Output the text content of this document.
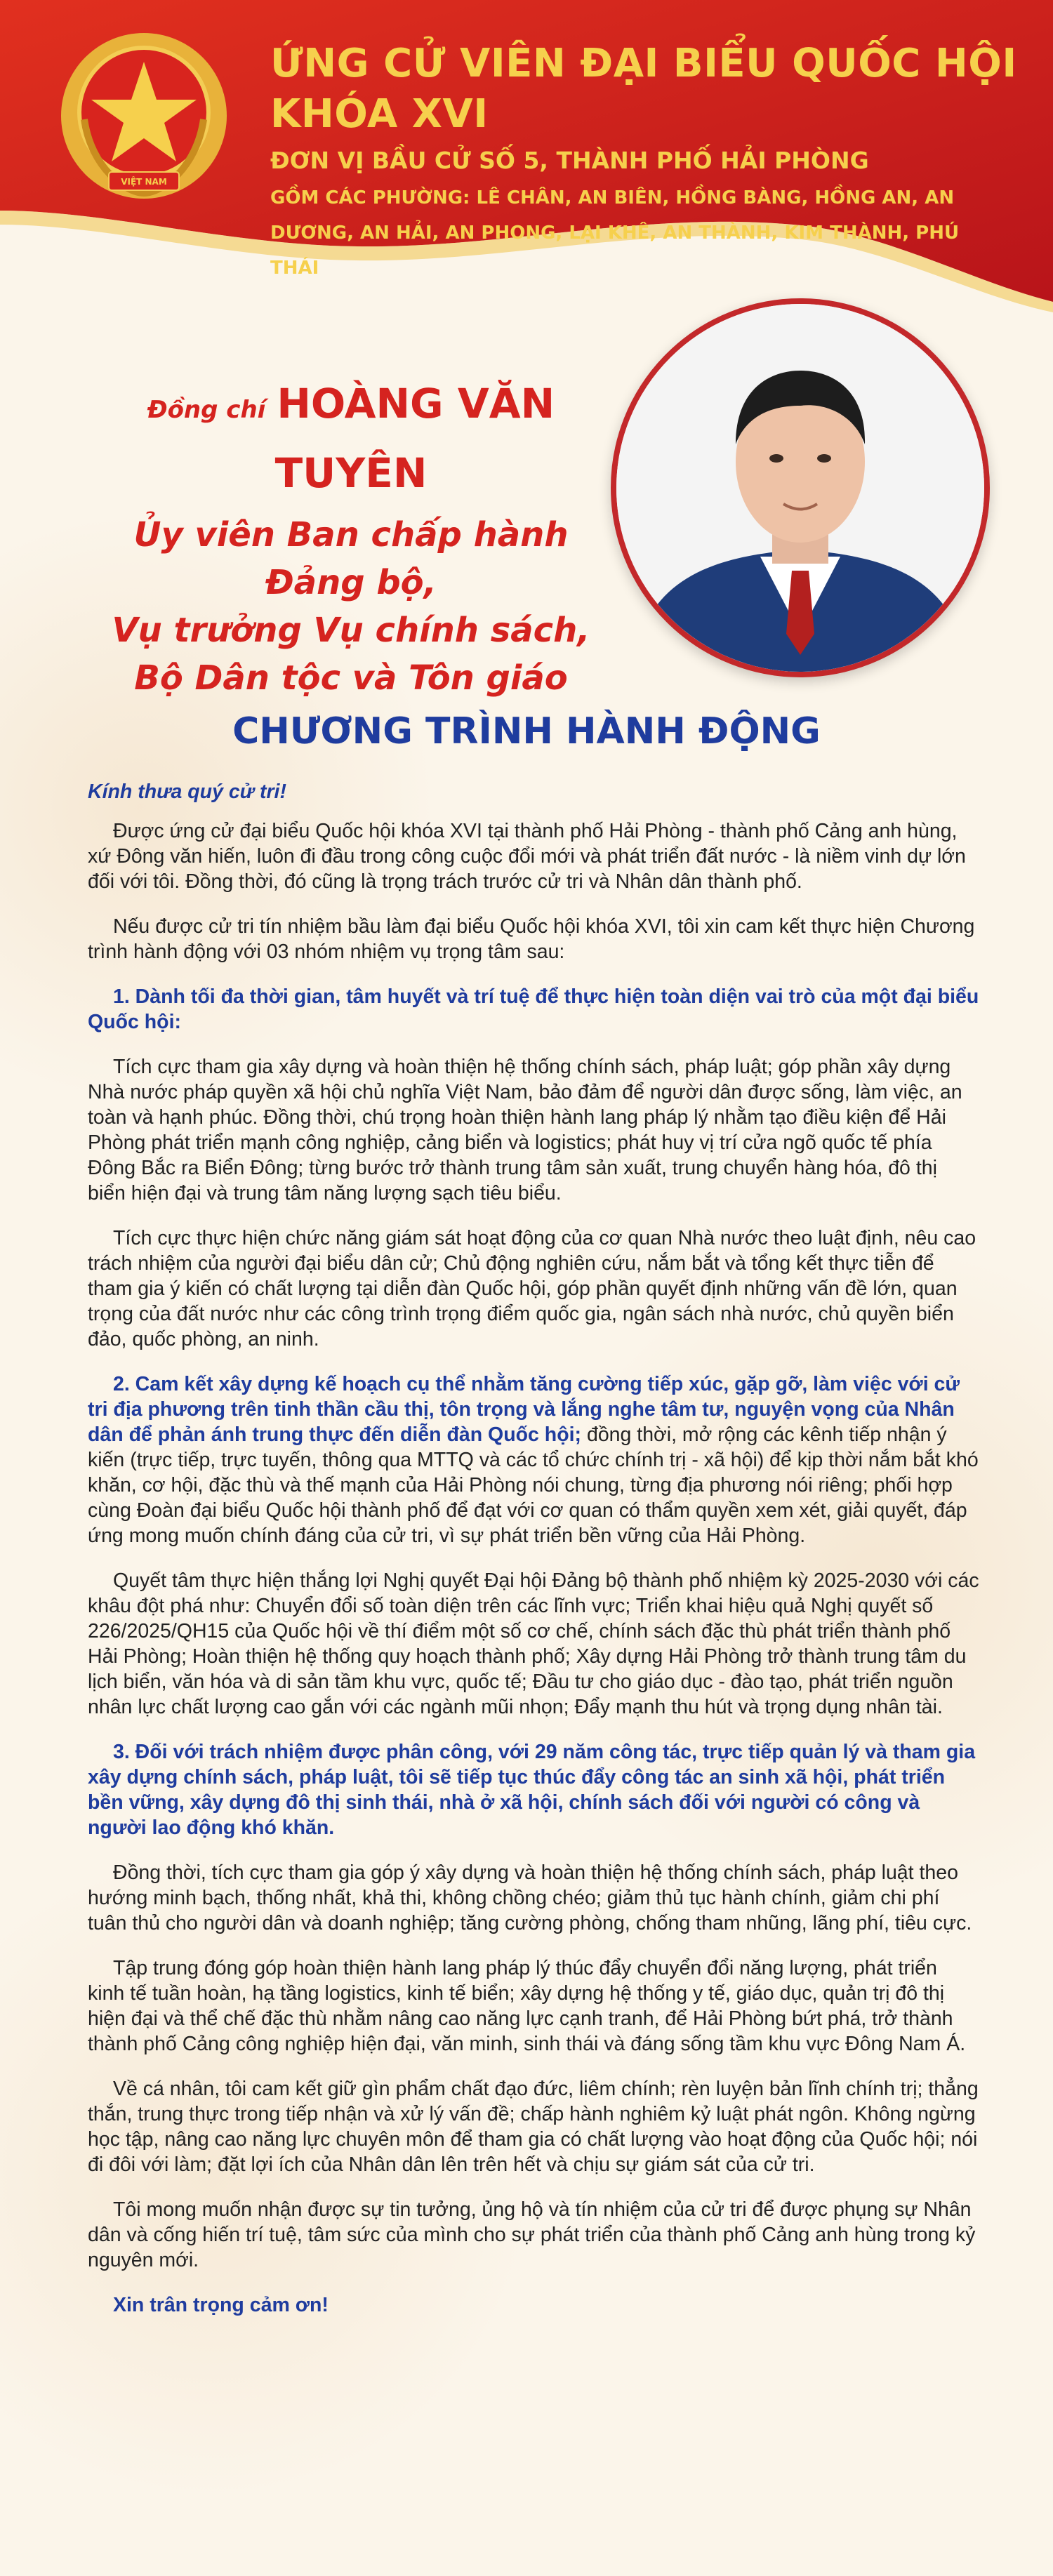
VIỆT NAM
ỨNG CỬ VIÊN ĐẠI BIỂU QUỐC HỘI KHÓA XVI
ĐƠN VỊ BẦU CỬ SỐ 5, THÀNH PHỐ HẢI PHÒNG
GỒM CÁC PHƯỜNG: LÊ CHÂN, AN BIÊN, HỒNG BÀNG, HỒNG AN, AN DƯƠNG, AN HẢI, AN PHONG, LẠI KHÊ, AN THÀNH, KIM THÀNH, PHÚ THÁI
Đồng chí HOÀNG VĂN TUYÊN
Ủy viên Ban chấp hành Đảng bộ,
Vụ trưởng Vụ chính sách,
Bộ Dân tộc và Tôn giáo
CHƯƠNG TRÌNH HÀNH ĐỘNG

Kính thưa quý cử tri!

Được ứng cử đại biểu Quốc hội khóa XVI tại thành phố Hải Phòng - thành phố Cảng anh hùng, xứ Đông văn hiến, luôn đi đầu trong công cuộc đổi mới và phát triển đất nước - là niềm vinh dự lớn đối với tôi. Đồng thời, đó cũng là trọng trách trước cử tri và Nhân dân thành phố.

Nếu được cử tri tín nhiệm bầu làm đại biểu Quốc hội khóa XVI, tôi xin cam kết thực hiện Chương trình hành động với 03 nhóm nhiệm vụ trọng tâm sau:

1. Dành tối đa thời gian, tâm huyết và trí tuệ để thực hiện toàn diện vai trò của một đại biểu Quốc hội:

Tích cực tham gia xây dựng và hoàn thiện hệ thống chính sách, pháp luật; góp phần xây dựng Nhà nước pháp quyền xã hội chủ nghĩa Việt Nam, bảo đảm để người dân được sống, làm việc, an toàn và hạnh phúc. Đồng thời, chú trọng hoàn thiện hành lang pháp lý nhằm tạo điều kiện để Hải Phòng phát triển mạnh công nghiệp, cảng biển và logistics; phát huy vị trí cửa ngõ quốc tế phía Đông Bắc ra Biển Đông; từng bước trở thành trung tâm sản xuất, trung chuyển hàng hóa, đô thị biển hiện đại và trung tâm năng lượng sạch tiêu biểu.

Tích cực thực hiện chức năng giám sát hoạt động của cơ quan Nhà nước theo luật định, nêu cao trách nhiệm của người đại biểu dân cử; Chủ động nghiên cứu, nắm bắt và tổng kết thực tiễn để tham gia ý kiến có chất lượng tại diễn đàn Quốc hội, góp phần quyết định những vấn đề lớn, quan trọng của đất nước như các công trình trọng điểm quốc gia, ngân sách nhà nước, chủ quyền biển đảo, quốc phòng, an ninh.

2. Cam kết xây dựng kế hoạch cụ thể nhằm tăng cường tiếp xúc, gặp gỡ, làm việc với cử tri địa phương trên tinh thần cầu thị, tôn trọng và lắng nghe tâm tư, nguyện vọng của Nhân dân để phản ánh trung thực đến diễn đàn Quốc hội; đồng thời, mở rộng các kênh tiếp nhận ý kiến (trực tiếp, trực tuyến, thông qua MTTQ và các tổ chức chính trị - xã hội) để kịp thời nắm bắt khó khăn, cơ hội, đặc thù và thế mạnh của Hải Phòng nói chung, từng địa phương nói riêng; phối hợp cùng Đoàn đại biểu Quốc hội thành phố để đạt với cơ quan có thẩm quyền xem xét, giải quyết, đáp ứng mong muốn chính đáng của cử tri, vì sự phát triển bền vững của Hải Phòng.

Quyết tâm thực hiện thắng lợi Nghị quyết Đại hội Đảng bộ thành phố nhiệm kỳ 2025-2030 với các khâu đột phá như: Chuyển đổi số toàn diện trên các lĩnh vực; Triển khai hiệu quả Nghị quyết số 226/2025/QH15 của Quốc hội về thí điểm một số cơ chế, chính sách đặc thù phát triển thành phố Hải Phòng; Hoàn thiện hệ thống quy hoạch thành phố; Xây dựng Hải Phòng trở thành trung tâm du lịch biển, văn hóa và di sản tầm khu vực, quốc tế; Đầu tư cho giáo dục - đào tạo, phát triển nguồn nhân lực chất lượng cao gắn với các ngành mũi nhọn; Đẩy mạnh thu hút và trọng dụng nhân tài.

3. Đối với trách nhiệm được phân công, với 29 năm công tác, trực tiếp quản lý và tham gia xây dựng chính sách, pháp luật, tôi sẽ tiếp tục thúc đẩy công tác an sinh xã hội, phát triển bền vững, xây dựng đô thị sinh thái, nhà ở xã hội, chính sách đối với người có công và người lao động khó khăn.

Đồng thời, tích cực tham gia góp ý xây dựng và hoàn thiện hệ thống chính sách, pháp luật theo hướng minh bạch, thống nhất, khả thi, không chồng chéo; giảm thủ tục hành chính, giảm chi phí tuân thủ cho người dân và doanh nghiệp; tăng cường phòng, chống tham nhũng, lãng phí, tiêu cực.

Tập trung đóng góp hoàn thiện hành lang pháp lý thúc đẩy chuyển đổi năng lượng, phát triển kinh tế tuần hoàn, hạ tầng logistics, kinh tế biển; xây dựng hệ thống y tế, giáo dục, quản trị đô thị hiện đại và thể chế đặc thù nhằm nâng cao năng lực cạnh tranh, để Hải Phòng bứt phá, trở thành thành phố Cảng công nghiệp hiện đại, văn minh, sinh thái và đáng sống tầm khu vực Đông Nam Á.

Về cá nhân, tôi cam kết giữ gìn phẩm chất đạo đức, liêm chính; rèn luyện bản lĩnh chính trị; thẳng thắn, trung thực trong tiếp nhận và xử lý vấn đề; chấp hành nghiêm kỷ luật phát ngôn. Không ngừng học tập, nâng cao năng lực chuyên môn để tham gia có chất lượng vào hoạt động của Quốc hội; nói đi đôi với làm; đặt lợi ích của Nhân dân lên trên hết và chịu sự giám sát của cử tri.

Tôi mong muốn nhận được sự tin tưởng, ủng hộ và tín nhiệm của cử tri để được phụng sự Nhân dân và cống hiến trí tuệ, tâm sức của mình cho sự phát triển của thành phố Cảng anh hùng trong kỷ nguyên mới.

Xin trân trọng cảm ơn!
